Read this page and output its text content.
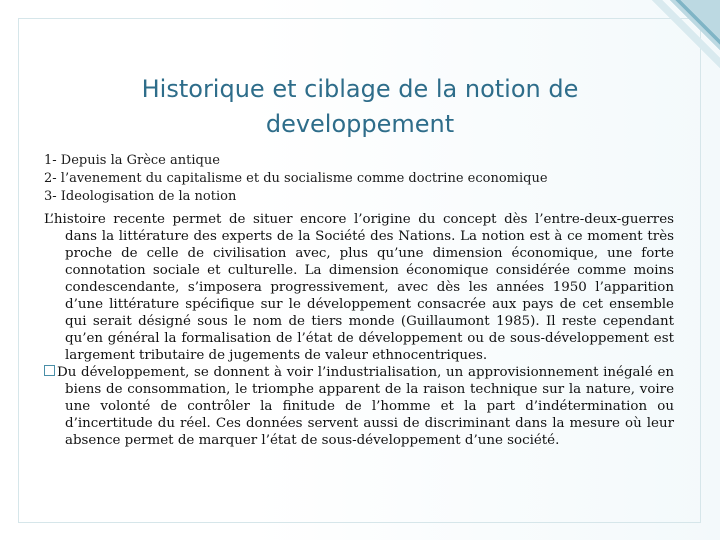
Historique et ciblage de la notion de developpement
1- Depuis la Grèce antique
2- l’avenement du capitalisme et du socialisme comme doctrine economique
3- Ideologisation de la notion

L’histoire recente permet de situer encore l’origine du concept dès l’entre-deux-guerres dans la littérature des experts de la Société des Nations. La notion est à ce moment très proche de celle de civilisation avec, plus qu’une dimension économique, une forte connotation sociale et culturelle. La dimension économique considérée comme moins condescendante, s’imposera progressivement, avec dès les années 1950 l’apparition d’une littérature spécifique sur le développement consacrée aux pays de cet ensemble qui serait désigné sous le nom de tiers monde (Guillaumont 1985). Il reste cependant qu’en général la formalisation de l’état de développement ou de sous-développement est largement tributaire de jugements de valeur ethnocentriques.

Du développement, se donnent à voir l’industrialisation, un approvisionnement inégalé en biens de consommation, le triomphe apparent de la raison technique sur la nature, voire une volonté de contrôler la finitude de l’homme et la part d’indétermination ou d’incertitude du réel. Ces données servent aussi de discriminant dans la mesure où leur absence permet de marquer l’état de sous-développement d’une société.
